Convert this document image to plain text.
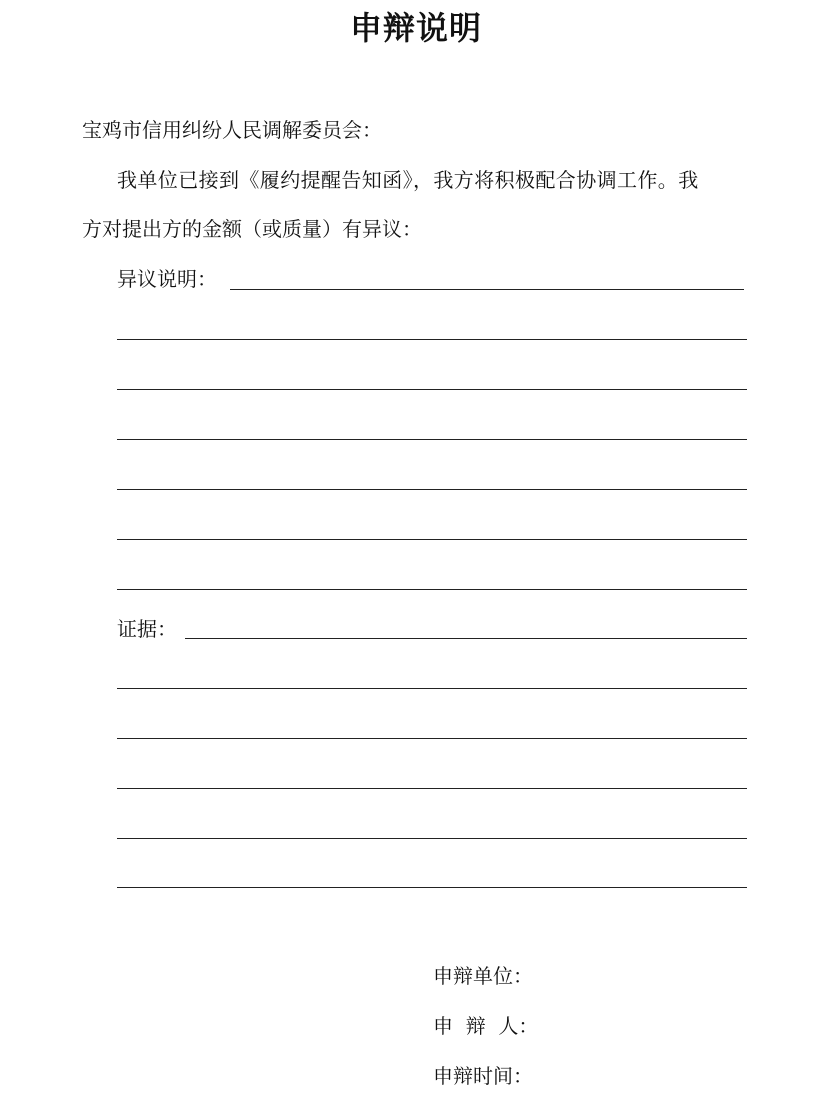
申辩说明
宝鸡市信用纠纷人民调解委员会：
我单位已接到《履约提醒告知函》，我方将积极配合协调工作。我
方对提出方的金额（或质量）有异议：
异议说明：
证据：
申辩单位：
申  辩  人：
申辩时间：
